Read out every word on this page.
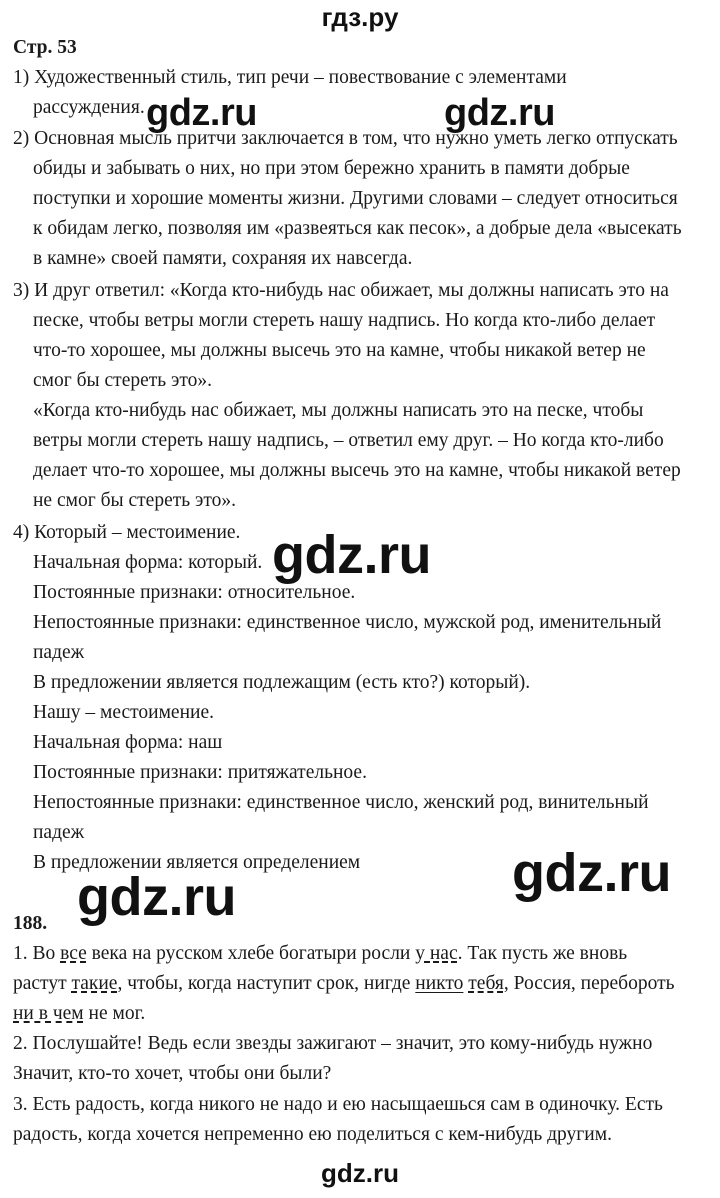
гдз.ру
Стр. 53
1) Художественный стиль, тип речи – повествование с элементами
рассуждения.
2) Основная мысль притчи заключается в том, что нужно уметь легко отпускать
обиды и забывать о них, но при этом бережно хранить в памяти добрые
поступки и хорошие моменты жизни. Другими словами – следует относиться
к обидам легко, позволяя им «развеяться как песок», а добрые дела «высекать
в камне» своей памяти, сохраняя их навсегда.
3) И друг ответил: «Когда кто-нибудь нас обижает, мы должны написать это на
песке, чтобы ветры могли стереть нашу надпись. Но когда кто-либо делает
что-то хорошее, мы должны высечь это на камне, чтобы никакой ветер не
смог бы стереть это».
«Когда кто-нибудь нас обижает, мы должны написать это на песке, чтобы
ветры могли стереть нашу надпись, – ответил ему друг. – Но когда кто-либо
делает что-то хорошее, мы должны высечь это на камне, чтобы никакой ветер
не смог бы стереть это».
4) Который – местоимение.
Начальная форма: который.
Постоянные признаки: относительное.
Непостоянные признаки: единственное число, мужской род, именительный
падеж
В предложении является подлежащим (есть кто?) который).
Нашу – местоимение.
Начальная форма: наш
Постоянные признаки: притяжательное.
Непостоянные признаки: единственное число, женский род, винительный
падеж
В предложении является определением
188.
1. Во все века на русском хлебе богатыри росли у нас. Так пусть же вновь
растут такие, чтобы, когда наступит срок, нигде никто тебя, Россия, перебороть
ни в чем не мог.
2. Послушайте! Ведь если звезды зажигают – значит, это кому-нибудь нужно
Значит, кто-то хочет, чтобы они были?
3. Есть радость, когда никого не надо и ею насыщаешься сам в одиночку. Есть
радость, когда хочется непременно ею поделиться с кем-нибудь другим.
gdz.ru	gdz.ru
gdz.ru
gdz.ru
gdz.ru
gdz.ru
